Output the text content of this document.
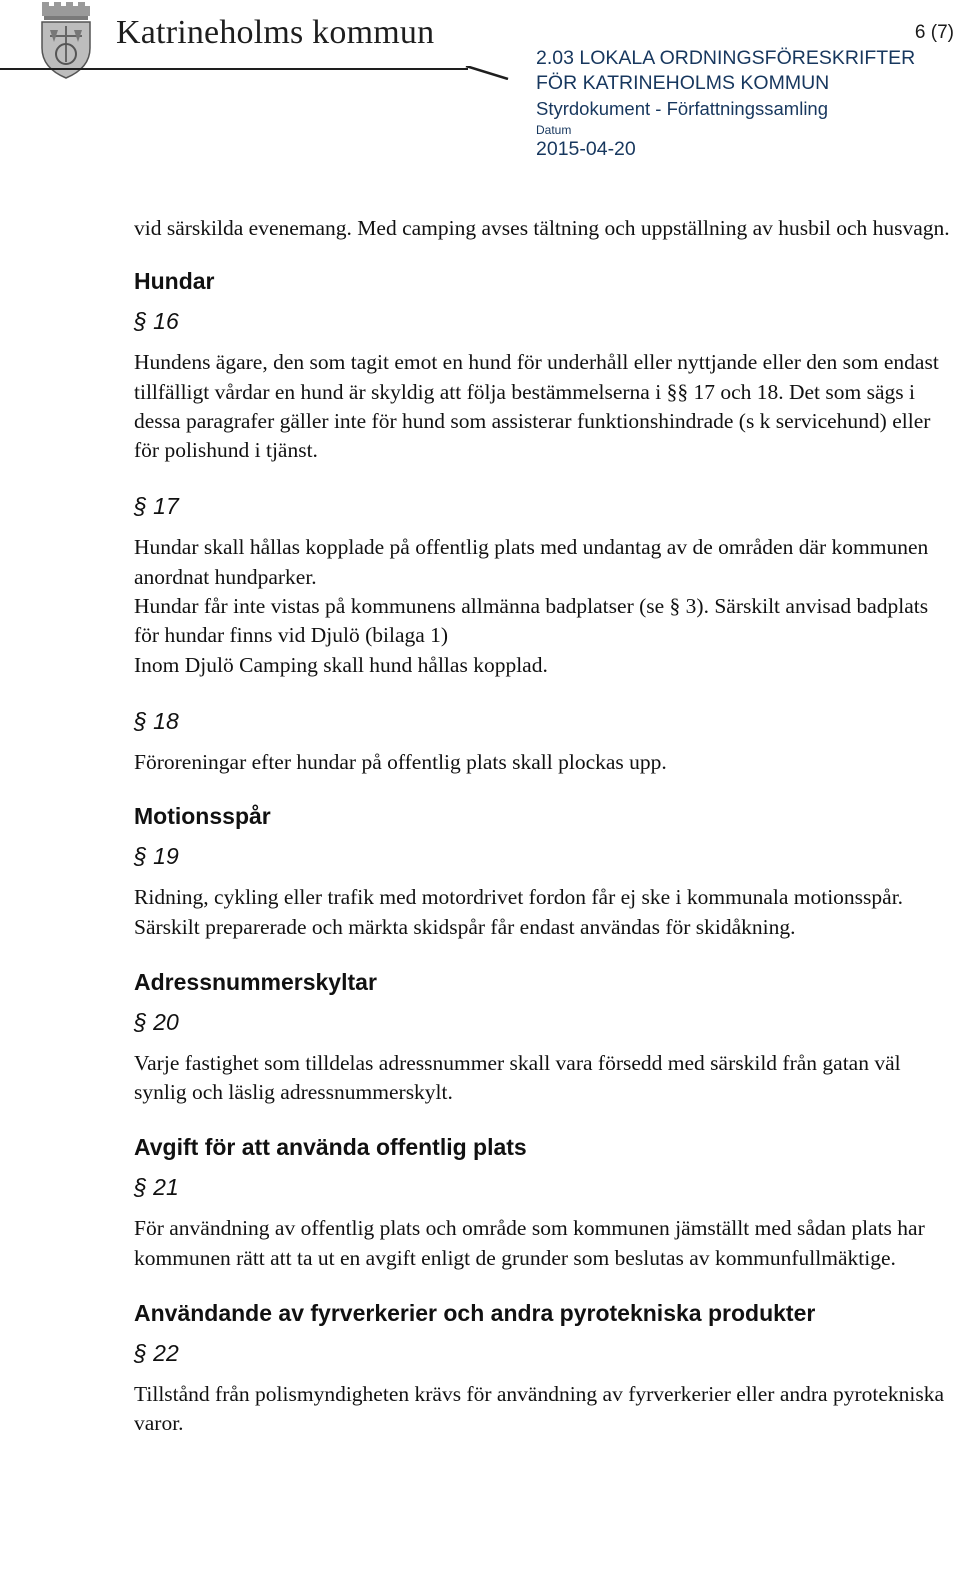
Katrineholms kommun	6 (7)
2.03 LOKALA ORDNINGSFÖRESKRIFTER
FÖR KATRINEHOLMS KOMMUN
Styrdokument - Författningssamling
Datum
2015-04-20

vid särskilda evenemang. Med camping avses tältning och uppställning av husbil och husvagn.

Hundar
§ 16

Hundens ägare, den som tagit emot en hund för underhåll eller nyttjande eller den som endast tillfälligt vårdar en hund är skyldig att följa bestämmelserna i §§ 17 och 18. Det som sägs i dessa paragrafer gäller inte för hund som assisterar funktionshindrade (s k servicehund) eller för polishund i tjänst.

§ 17

Hundar skall hållas kopplade på offentlig plats med undantag av de områden där kommunen anordnat hundparker.

Hundar får inte vistas på kommunens allmänna badplatser (se § 3). Särskilt anvisad badplats för hundar finns vid Djulö (bilaga 1)

Inom Djulö Camping skall hund hållas kopplad.

§ 18

Föroreningar efter hundar på offentlig plats skall plockas upp.

Motionsspår
§ 19

Ridning, cykling eller trafik med motordrivet fordon får ej ske i kommunala motionsspår. Särskilt preparerade och märkta skidspår får endast användas för skidåkning.

Adressnummerskyltar
§ 20

Varje fastighet som tilldelas adressnummer skall vara försedd med särskild från gatan väl synlig och läslig adressnummerskylt.

Avgift för att använda offentlig plats
§ 21

För användning av offentlig plats och område som kommunen jämställt med sådan plats har kommunen rätt att ta ut en avgift enligt de grunder som beslutas av kommunfullmäktige.

Användande av fyrverkerier och andra pyrotekniska produkter
§ 22

Tillstånd från polismyndigheten krävs för användning av fyrverkerier eller andra pyrotekniska varor.
